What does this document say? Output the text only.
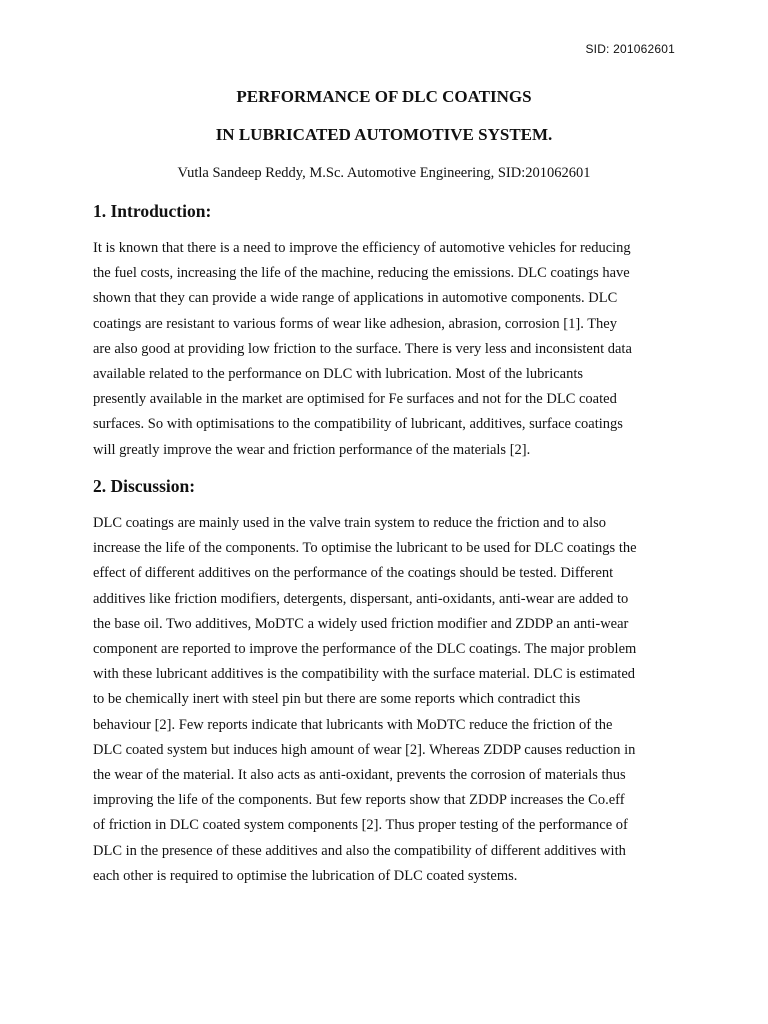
SID: 201062601
PERFORMANCE OF DLC COATINGS
IN LUBRICATED AUTOMOTIVE SYSTEM.
Vutla Sandeep Reddy, M.Sc. Automotive Engineering, SID:201062601
1. Introduction:
It is known that there is a need to improve the efficiency of automotive vehicles for reducing
the fuel costs, increasing the life of the machine, reducing the emissions. DLC coatings have
shown that they can provide a wide range of applications in automotive components. DLC
coatings are resistant to various forms of wear like adhesion, abrasion, corrosion [1]. They
are also good at providing low friction to the surface. There is very less and inconsistent data
available related to the performance on DLC with lubrication. Most of the lubricants
presently available in the market are optimised for Fe surfaces and not for the DLC coated
surfaces. So with optimisations to the compatibility of lubricant, additives, surface coatings
will greatly improve the wear and friction performance of the materials [2].
2. Discussion:
DLC coatings are mainly used in the valve train system to reduce the friction and to also
increase the life of the components. To optimise the lubricant to be used for DLC coatings the
effect of different additives on the performance of the coatings should be tested. Different
additives like friction modifiers, detergents, dispersant, anti-oxidants, anti-wear are added to
the base oil. Two additives, MoDTC a widely used friction modifier and ZDDP an anti-wear
component are reported to improve the performance of the DLC coatings. The major problem
with these lubricant additives is the compatibility with the surface material. DLC is estimated
to be chemically inert with steel pin but there are some reports which contradict this
behaviour [2]. Few reports indicate that lubricants with MoDTC reduce the friction of the
DLC coated system but induces high amount of wear [2]. Whereas ZDDP causes reduction in
the wear of the material. It also acts as anti-oxidant, prevents the corrosion of materials thus
improving the life of the components. But few reports show that ZDDP increases the Co.eff
of friction in DLC coated system components [2]. Thus proper testing of the performance of
DLC in the presence of these additives and also the compatibility of different additives with
each other is required to optimise the lubrication of DLC coated systems.
